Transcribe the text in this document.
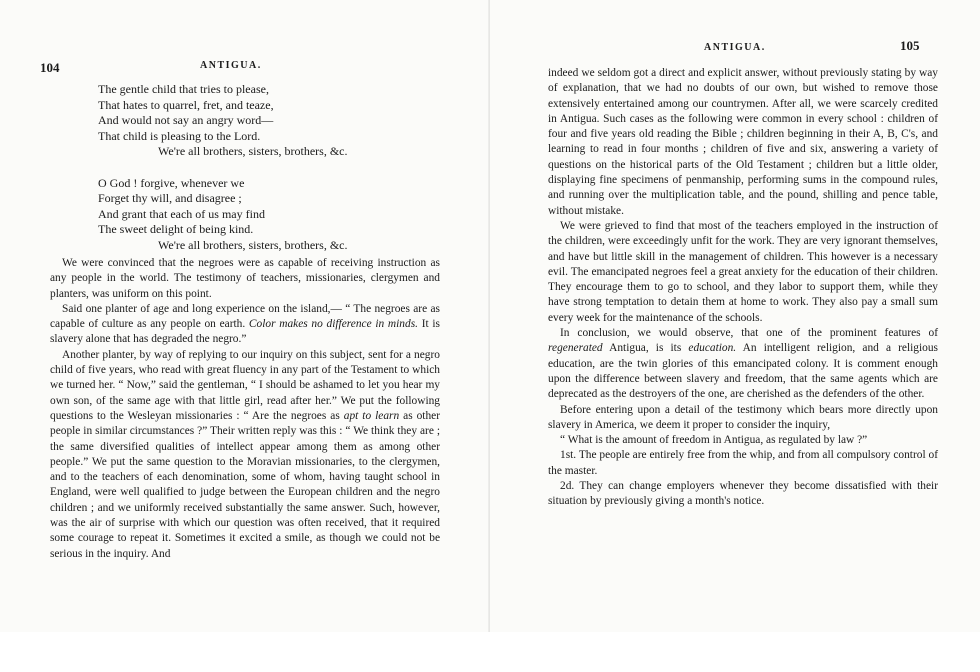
104	ANTIGUA.
The gentle child that tries to please,
That hates to quarrel, fret, and teaze,
And would not say an angry word—
That child is pleasing to the Lord.
We're all brothers, sisters, brothers, &c.
O God ! forgive, whenever we
Forget thy will, and disagree ;
And grant that each of us may find
The sweet delight of being kind.
We're all brothers, sisters, brothers, &c.

We were convinced that the negroes were as capable of receiving instruction as any people in the world. The testimony of teachers, missionaries, clergymen and planters, was uniform on this point.

Said one planter of age and long experience on the island,— “ The negroes are as capable of culture as any people on earth. Color makes no difference in minds. It is slavery alone that has degraded the negro.”

Another planter, by way of replying to our inquiry on this subject, sent for a negro child of five years, who read with great fluency in any part of the Testament to which we turned her. “ Now,” said the gentleman, “ I should be ashamed to let you hear my own son, of the same age with that little girl, read after her.” We put the following questions to the Wesleyan missionaries : “ Are the negroes as apt to learn as other people in similar circumstances ?” Their written reply was this : “ We think they are ; the same diversified qualities of intellect appear among them as among other people.” We put the same question to the Moravian missionaries, to the clergymen, and to the teachers of each denomination, some of whom, having taught school in England, were well qualified to judge between the European children and the negro children ; and we uniformly received substantially the same answer. Such, however, was the air of surprise with which our question was often received, that it required some courage to repeat it. Sometimes it excited a smile, as though we could not be serious in the inquiry. And

ANTIGUA.	105

indeed we seldom got a direct and explicit answer, without previously stating by way of explanation, that we had no doubts of our own, but wished to remove those extensively entertained among our countrymen. After all, we were scarcely credited in Antigua. Such cases as the following were common in every school : children of four and five years old reading the Bible ; children beginning in their A, B, C's, and learning to read in four months ; children of five and six, answering a variety of questions on the historical parts of the Old Testament ; children but a little older, displaying fine specimens of penmanship, performing sums in the compound rules, and running over the multiplication table, and the pound, shilling and pence table, without mistake.

We were grieved to find that most of the teachers employed in the instruction of the children, were exceedingly unfit for the work. They are very ignorant themselves, and have but little skill in the management of children. This however is a necessary evil. The emancipated negroes feel a great anxiety for the education of their children. They encourage them to go to school, and they labor to support them, while they have strong temptation to detain them at home to work. They also pay a small sum every week for the maintenance of the schools.

In conclusion, we would observe, that one of the prominent features of regenerated Antigua, is its education. An intelligent religion, and a religious education, are the twin glories of this emancipated colony. It is comment enough upon the difference between slavery and freedom, that the same agents which are deprecated as the destroyers of the one, are cherished as the defenders of the other.

Before entering upon a detail of the testimony which bears more directly upon slavery in America, we deem it proper to consider the inquiry,

“ What is the amount of freedom in Antigua, as regulated by law ?”

1st. The people are entirely free from the whip, and from all compulsory control of the master.

2d. They can change employers whenever they become dissatisfied with their situation by previously giving a month's notice.
